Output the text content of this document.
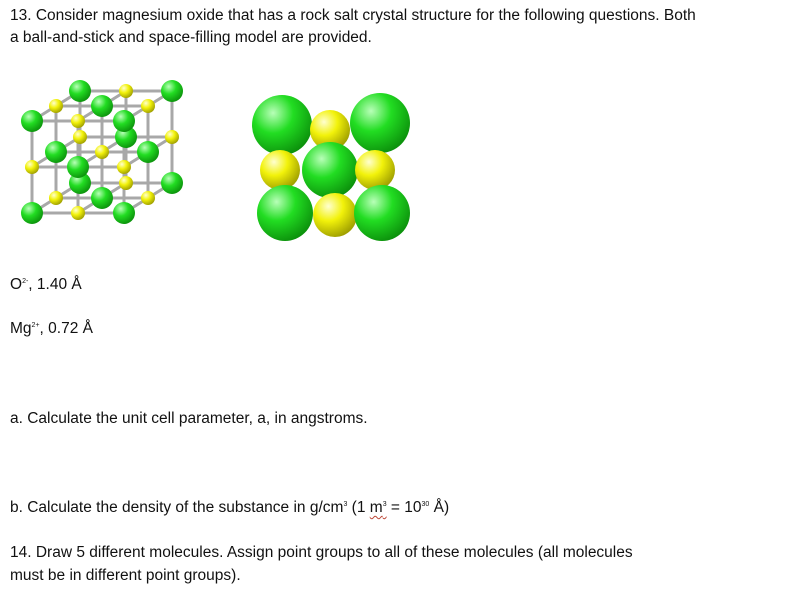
13. Consider magnesium oxide that has a rock salt crystal structure for the following questions. Both
a ball-and-stick and space-filling model are provided.
$O^{2-}$, 1.40 Å
$Mg^{2+}$, 0.72 Å
a. Calculate the unit cell parameter, a, in angstroms.
b. Calculate the density of the substance in $g/cm^3$ (1 $m^3 = 10^{30}$ Å)
14. Draw 5 different molecules. Assign point groups to all of these molecules (all molecules
must be in different point groups).
